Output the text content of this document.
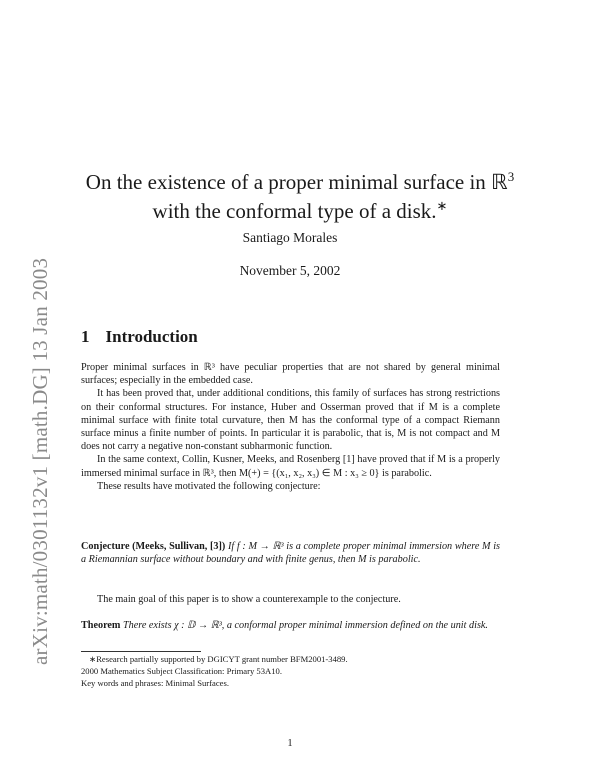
arXiv:math/0301132v1 [math.DG] 13 Jan 2003
On the existence of a proper minimal surface in ℝ$^3$
with the conformal type of a disk.∗
Santiago Morales
November 5, 2002
1 Introduction

Proper minimal surfaces in ℝ³ have peculiar properties that are not shared by general minimal surfaces; especially in the embedded case.

It has been proved that, under additional conditions, this family of surfaces has strong restrictions on their conformal structures. For instance, Huber and Osserman proved that if M is a complete minimal surface with finite total curvature, then M has the conformal type of a compact Riemann surface minus a finite number of points. In particular it is parabolic, that is, M is not compact and M does not carry a negative non-constant subharmonic function.

In the same context, Collin, Kusner, Meeks, and Rosenberg [1] have proved that if M is a properly immersed minimal surface in ℝ³, then M(+) = {(x₁, x₂, x₃) ∈ M : x₃ ≥ 0} is parabolic.

These results have motivated the following conjecture:

Conjecture (Meeks, Sullivan, [3]) If f : M → ℝ³ is a complete proper minimal immersion where M is a Riemannian surface without boundary and with finite genus, then M is parabolic.
The main goal of this paper is to show a counterexample to the conjecture.
Theorem There exists χ : 𝔻 → ℝ³, a conformal proper minimal immersion defined on the unit disk.
∗Research partially supported by DGICYT grant number BFM2001-3489.
2000 Mathematics Subject Classification: Primary 53A10.
Key words and phrases: Minimal Surfaces.
1
